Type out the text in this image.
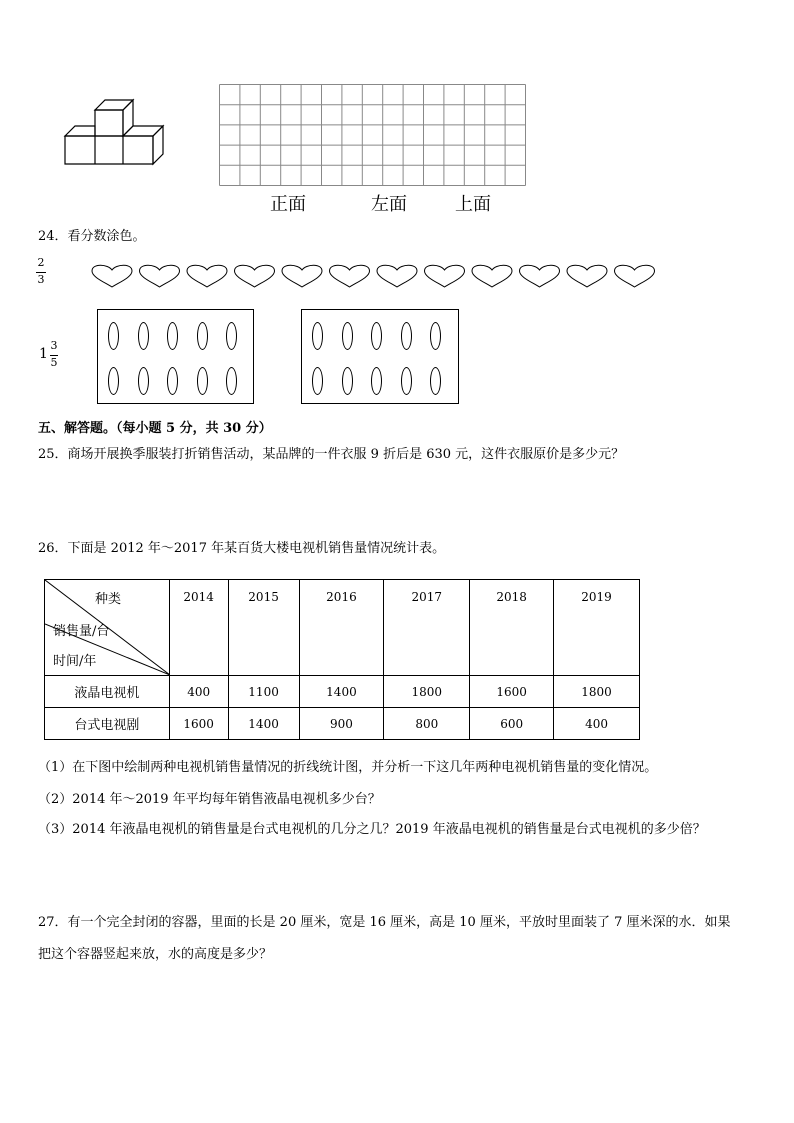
正面	左面	上面
24．看分数涂色。
2
3
1
3
5
五、解答题。（每小题 5 分，共 30 分）
25．商场开展换季服装打折销售活动，某品牌的一件衣服 9 折后是 630 元，这件衣服原价是多少元？
26．下面是 2012 年～2017 年某百货大楼电视机销售量情况统计表。
种类
销售量/台
时间/年	2014	2015	2016	2017	2018	2019

液晶电视机	400	1100	1400	1800	1600	1800
台式电视剧	1600	1400	900	800	600	400
（1）在下图中绘制两种电视机销售量情况的折线统计图，并分析一下这几年两种电视机销售量的变化情况。
（2）2014 年～2019 年平均每年销售液晶电视机多少台？
（3）2014 年液晶电视机的销售量是台式电视机的几分之几？2019 年液晶电视机的销售量是台式电视机的多少倍？
27．有一个完全封闭的容器，里面的长是 20 厘米，宽是 16 厘米，高是 10 厘米，平放时里面装了 7 厘米深的水．如果
把这个容器竖起来放，水的高度是多少？
